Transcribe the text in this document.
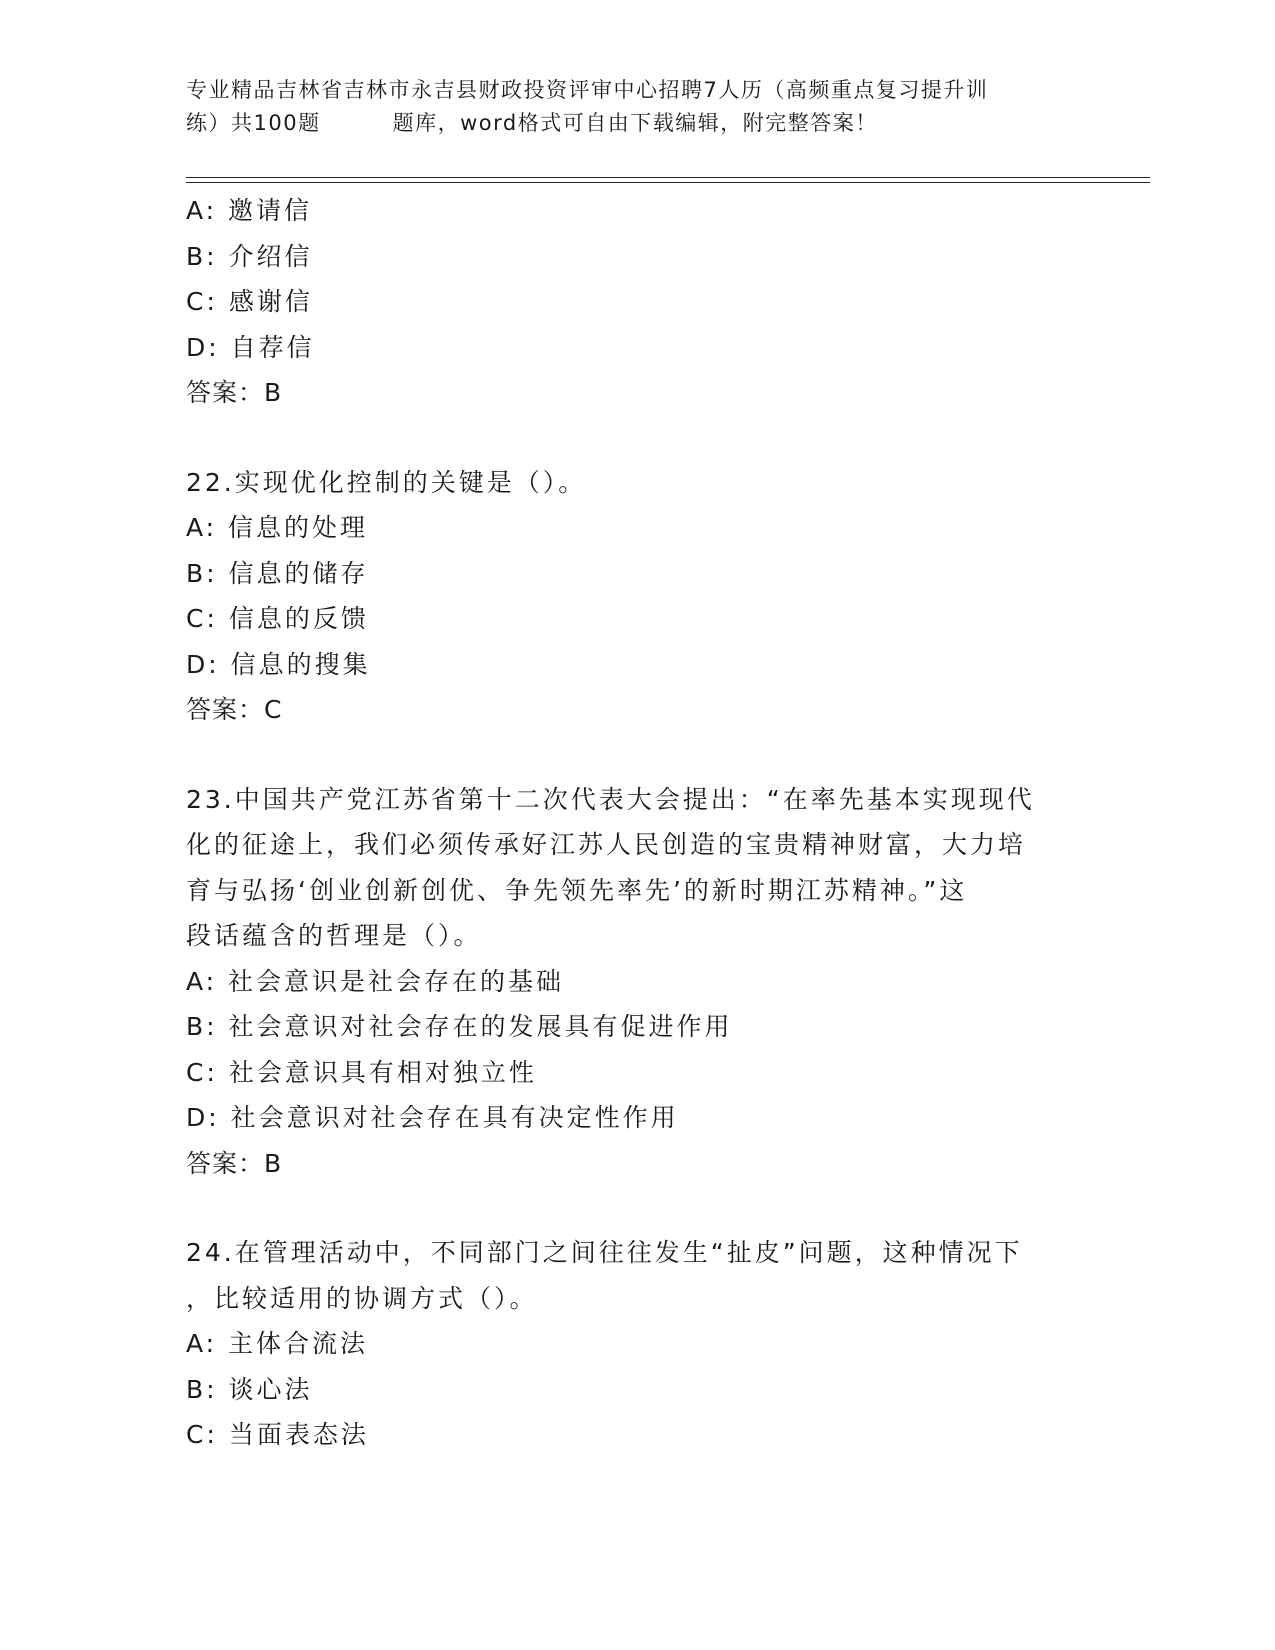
专业精品吉林省吉林市永吉县财政投资评审中心招聘7人历（高频重点复习提升训
练）共100题	题库，word格式可自由下载编辑，附完整答案！
A: 邀请信
B: 介绍信
C: 感谢信
D: 自荐信
答案：B
22.实现优化控制的关键是（）。
A: 信息的处理
B: 信息的储存
C: 信息的反馈
D: 信息的搜集
答案：C
23.中国共产党江苏省第十二次代表大会提出：“在率先基本实现现代
化的征途上，我们必须传承好江苏人民创造的宝贵精神财富，大力培
育与弘扬‘创业创新创优、争先领先率先’的新时期江苏精神。”这
段话蕴含的哲理是（）。
A: 社会意识是社会存在的基础
B: 社会意识对社会存在的发展具有促进作用
C: 社会意识具有相对独立性
D: 社会意识对社会存在具有决定性作用
答案：B
24.在管理活动中，不同部门之间往往发生“扯皮”问题，这种情况下
，比较适用的协调方式（）。
A: 主体合流法
B: 谈心法
C: 当面表态法
